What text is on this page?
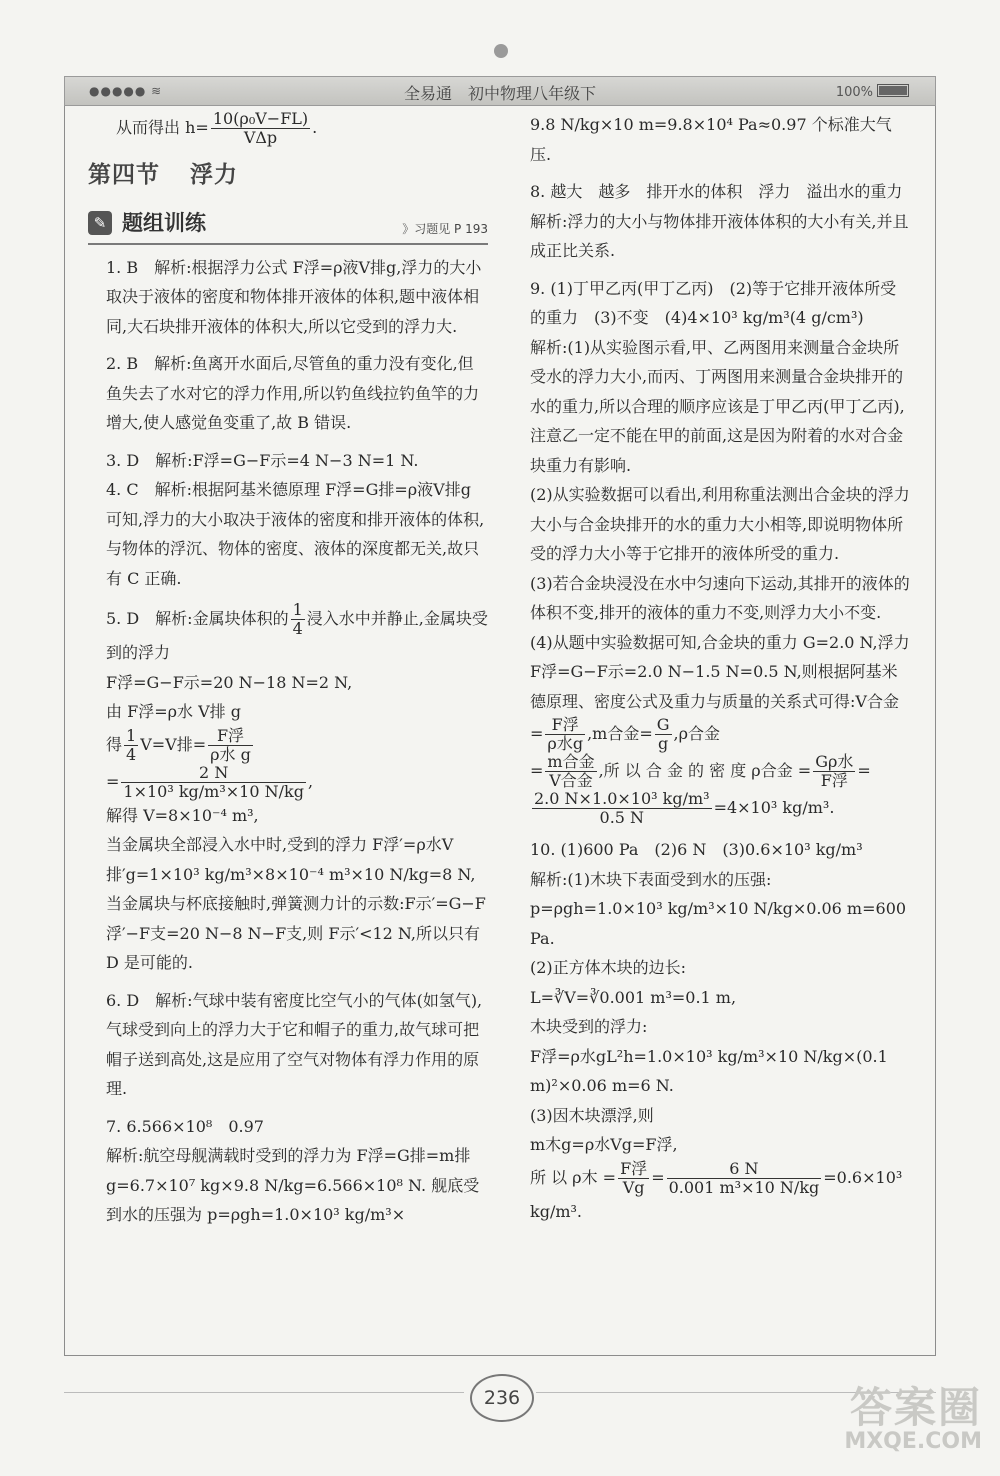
●●●●● ≋	全易通　初中物理八年级下	100%

从而得出 $h= \frac{\text{10(ρ₀V−FL)}}{\text{VΔp}}$ .

第四节 浮力
✎ 题组训练	》习题见 P 193

1. B　解析:根据浮力公式 F浮=ρ液V排g,浮力的大小取决于液体的密度和物体排开液体的体积,题中液体相同,大石块排开液体的体积大,所以它受到的浮力大.

2. B　解析:鱼离开水面后,尽管鱼的重力没有变化,但鱼失去了水对它的浮力作用,所以钓鱼线拉钓鱼竿的力增大,使人感觉鱼变重了,故 B 错误.

3. D　解析:F浮=G−F示=4 N−3 N=1 N.

4. C　解析:根据阿基米德原理 F浮=G排=ρ液V排g 可知,浮力的大小取决于液体的密度和排开液体的体积,与物体的浮沉、物体的密度、液体的深度都无关,故只有 C 正确.

5. D　解析:金属块体积的 $\frac{1}{4}$ 浸入水中并静止,金属块受到的浮力

F浮=G−F示=20 N−18 N=2 N,

由 F浮=ρ水 V排 g

得 $\frac{1}{4} V=V$排= $\frac{\text{F浮}}{\text{ρ水 g}}$

= $\frac{2 N}{\text{1×10³ kg/m³×10 N/kg}}$ ,

解得 V=8×10⁻⁴ m³,

当金属块全部浸入水中时,受到的浮力 F浮′=ρ水V排′g=1×10³ kg/m³×8×10⁻⁴ m³×10 N/kg=8 N,

当金属块与杯底接触时,弹簧测力计的示数:F示′=G−F浮′−F支=20 N−8 N−F支,则 F示′<12 N,所以只有 D 是可能的.

6. D　解析:气球中装有密度比空气小的气体(如氢气),气球受到向上的浮力大于它和帽子的重力,故气球可把帽子送到高处,这是应用了空气对物体有浮力作用的原理.

7. 6.566×10⁸　0.97

解析:航空母舰满载时受到的浮力为 F浮=G排=m排 g=6.7×10⁷ kg×9.8 N/kg=6.566×10⁸ N. 舰底受到水的压强为 p=ρgh=1.0×10³ kg/m³×

9.8 N/kg×10 m=9.8×10⁴ Pa≈0.97 个标准大气压.

8. 越大　越多　排开水的体积　浮力　溢出水的重力

解析:浮力的大小与物体排开液体体积的大小有关,并且成正比关系.

9. (1)丁甲乙丙(甲丁乙丙)　(2)等于它排开液体所受的重力　(3)不变　(4)4×10³ kg/m³(4 g/cm³)

解析:(1)从实验图示看,甲、乙两图用来测量合金块所受水的浮力大小,而丙、丁两图用来测量合金块排开的水的重力,所以合理的顺序应该是丁甲乙丙(甲丁乙丙),注意乙一定不能在甲的前面,这是因为附着的水对合金块重力有影响.

(2)从实验数据可以看出,利用称重法测出合金块的浮力大小与合金块排开的水的重力大小相等,即说明物体所受的浮力大小等于它排开的液体所受的重力.

(3)若合金块浸没在水中匀速向下运动,其排开的液体的体积不变,排开的液体的重力不变,则浮力大小不变.

(4)从题中实验数据可知,合金块的重力 G=2.0 N,浮力 F浮=G−F示=2.0 N−1.5 N=0.5 N,则根据阿基米德原理、密度公式及重力与质量的关系式可得:V合金= $\frac{\text{F浮}}{\text{ρ水g}} ,m$合金= $\frac{G}{g} ,\rho$合金

= $\frac{\text{m合金}}{\text{V合金}}$ ,所 以 合 金 的 密 度 ρ合金 = $\frac{\text{Gρ水}}{\text{F浮}}$ =

$\frac{\text{2.0 N×1.0×10³ kg/m³}}{0.5 N} =4\times 10^3$ kg/m³.

10. (1)600 Pa　(2)6 N　(3)0.6×10³ kg/m³

解析:(1)木块下表面受到水的压强:

p=ρgh=1.0×10³ kg/m³×10 N/kg×0.06 m=600 Pa.

(2)正方体木块的边长:

L=∛V=∛0.001 m³=0.1 m,

木块受到的浮力:

F浮=ρ水gL²h=1.0×10³ kg/m³×10 N/kg×(0.1 m)²×0.06 m=6 N.

(3)因木块漂浮,则

m木g=ρ水Vg=F浮,

所 以 ρ木 = $\frac{\text{F浮}}{Vg} = \frac{6 N}{\text{0.001 m³×10 N/kg}} =0.6\times 10^3$ kg/m³.

236	答案圈
MXQE.COM
